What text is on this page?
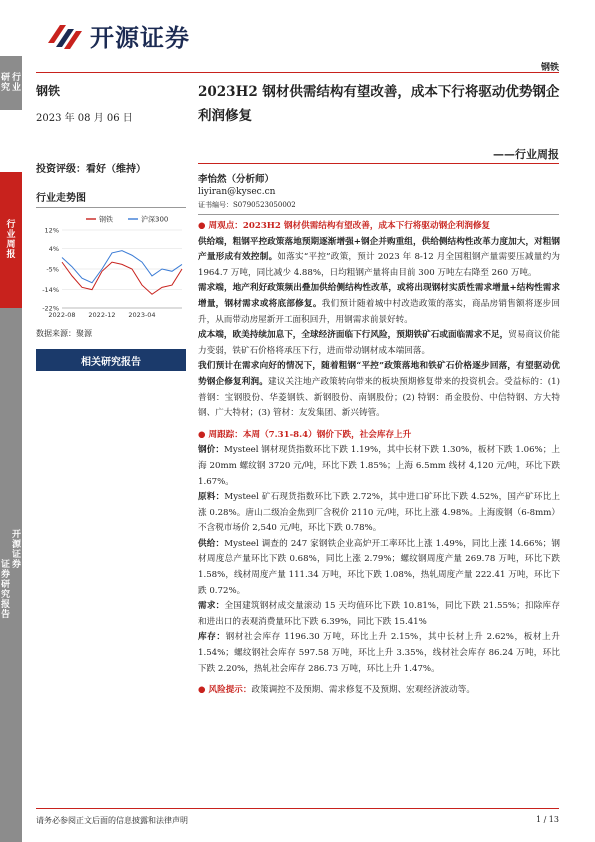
行
业
研
究
行
业
周
报
开
源
证
券
证
券
研
究
报
告
开源证券
钢铁
钢铁
2023 年 08 月 06 日
投资评级：看好（维持）
行业走势图
12%
4%
-5%
-14%
-22%
2022-08 2022-12 2023-04
钢铁	沪深300
数据来源：聚源
相关研究报告
2023H2 钢材供需结构有望改善，成本下行将驱动优势钢企利润修复
——行业周报
李怡然（分析师）
liyiran@kysec.cn
证书编号：S0790523050002

● 周观点：2023H2 钢材供需结构有望改善，成本下行将驱动钢企利润修复

供给端，粗钢平控政策落地预期逐渐增强+钢企并购重组，供给侧结构性改革力度加大，对粗钢产量形成有效控制。如落实“平控”政策，预计 2023 年 8-12 月全国粗钢产量需要压减量约为 1964.7 万吨，同比减少 4.88%，日均粗钢产量将由目前 300 万吨左右降至 260 万吨。

需求端，地产利好政策频出叠加供给侧结构性改革，或将出现钢材实质性需求增量+结构性需求增量，钢材需求或将底部修复。我们预计随着城中村改造政策的落实，商品房销售额将逐步回升，从而带动房屋新开工面积回升，用钢需求前景好转。

成本端，欧美持续加息下，全球经济面临下行风险，预期铁矿石或面临需求不足，贸易商议价能力变弱，铁矿石价格将承压下行，进而带动钢材成本端回落。

我们预计在需求向好的情况下，随着粗钢“平控”政策落地和铁矿石价格逐步回落，有望驱动优势钢企修复利润。建议关注地产政策转向带来的板块预期修复带来的投资机会。受益标的：(1) 普钢：宝钢股份、华菱钢铁、新钢股份、南钢股份；(2) 特钢：甬金股份、中信特钢、方大特钢、广大特材；(3) 管材：友发集团、新兴铸管。

● 周跟踪：本周（7.31-8.4）钢价下跌，社会库存上升

钢价：Mysteel 钢材现货指数环比下跌 1.19%，其中长材下跌 1.30%，板材下跌 1.06%；上海 20mm 螺纹钢 3720 元/吨，环比下跌 1.85%；上海 6.5mm 线材 4,120 元/吨，环比下跌 1.67%。

原料：Mysteel 矿石现货指数环比下跌 2.72%，其中进口矿环比下跌 4.52%，国产矿环比上涨 0.28%。唐山二级冶金焦到厂含税价 2110 元/吨，环比上涨 4.98%。上海废钢（6-8mm）不含税市场价 2,540 元/吨，环比下跌 0.78%。

供给：Mysteel 调查的 247 家钢铁企业高炉开工率环比上涨 1.49%，同比上涨 14.66%；钢材周度总产量环比下跌 0.68%，同比上涨 2.79%；螺纹钢周度产量 269.78 万吨，环比下跌 1.58%，线材周度产量 111.34 万吨，环比下跌 1.08%，热轧周度产量 222.41 万吨，环比下跌 0.72%。

需求：全国建筑钢材成交量滚动 15 天均值环比下跌 10.81%，同比下跌 21.55%；扣除库存和进出口的表观消费量环比下跌 6.39%，同比下跌 15.41%

库存：钢材社会库存 1196.30 万吨，环比上升 2.15%，其中长材上升 2.62%，板材上升 1.54%；螺纹钢社会库存 597.58 万吨，环比上升 3.35%，线材社会库存 86.24 万吨，环比下跌 2.20%，热轧社会库存 286.73 万吨，环比上升 1.47%。

● 风险提示：政策调控不及预期、需求修复不及预期、宏观经济波动等。

请务必参阅正文后面的信息披露和法律声明	1 / 13
